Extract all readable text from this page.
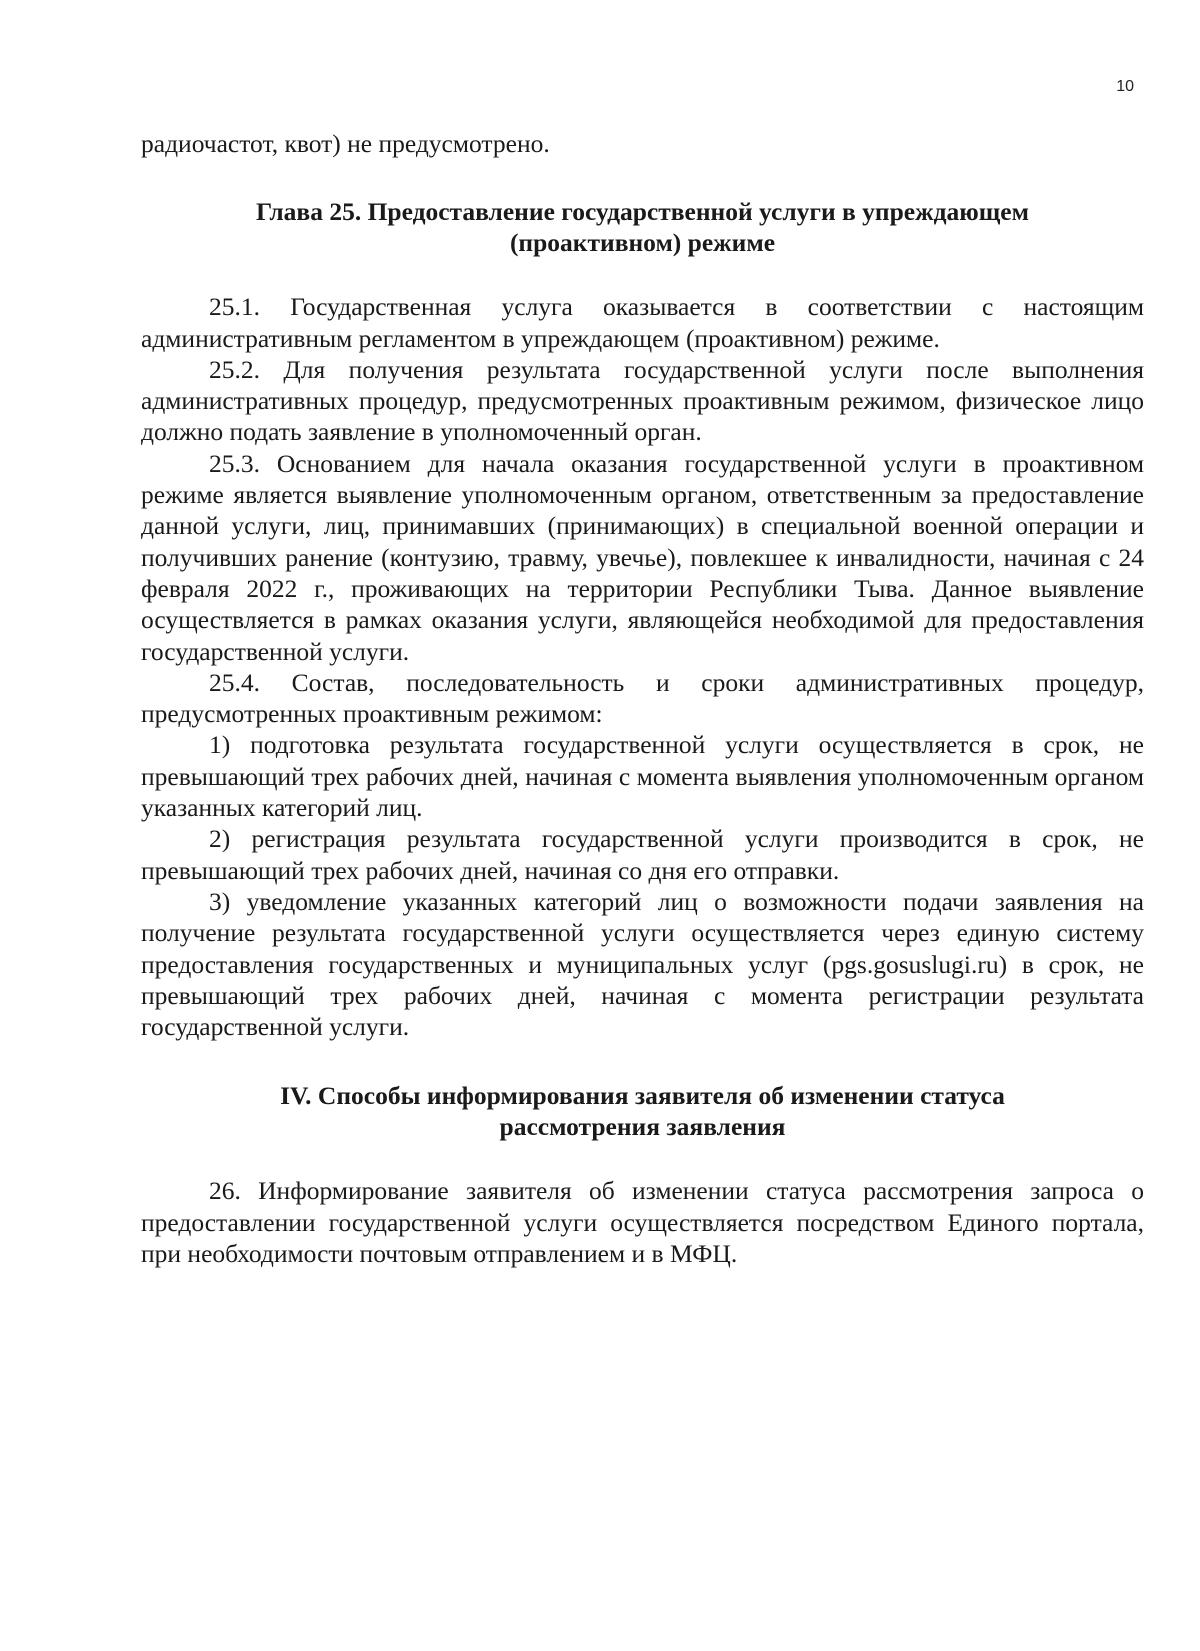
10

радиочастот, квот) не предусмотрено.

Глава 25. Предоставление государственной услуги в упреждающем
(проактивном) режиме

25.1. Государственная услуга оказывается в соответствии с настоящим административным регламентом в упреждающем (проактивном) режиме.

25.2. Для получения результата государственной услуги после выполнения административных процедур, предусмотренных проактивным режимом, физическое лицо должно подать заявление в уполномоченный орган.

25.3. Основанием для начала оказания государственной услуги в проактивном режиме является выявление уполномоченным органом, ответственным за предоставление данной услуги, лиц, принимавших (принимающих) в специальной военной операции и получивших ранение (контузию, травму, увечье), повлекшее к инвалидности, начиная с 24 февраля 2022 г., проживающих на территории Республики Тыва. Данное выявление осуществляется в рамках оказания услуги, являющейся необходимой для предоставления государственной услуги.

25.4. Состав, последовательность и сроки административных процедур, предусмотренных проактивным режимом:

1) подготовка результата государственной услуги осуществляется в срок, не превышающий трех рабочих дней, начиная с момента выявления уполномоченным органом указанных категорий лиц.

2) регистрация результата государственной услуги производится в срок, не превышающий трех рабочих дней, начиная со дня его отправки.

3) уведомление указанных категорий лиц о возможности подачи заявления на получение результата государственной услуги осуществляется через единую систему предоставления государственных и муниципальных услуг (pgs.gosuslugi.ru) в срок, не превышающий трех рабочих дней, начиная с момента регистрации результата государственной услуги.

IV. Способы информирования заявителя об изменении статуса
рассмотрения заявления

26. Информирование заявителя об изменении статуса рассмотрения запроса о предоставлении государственной услуги осуществляется посредством Единого портала, при необходимости почтовым отправлением и в МФЦ.
